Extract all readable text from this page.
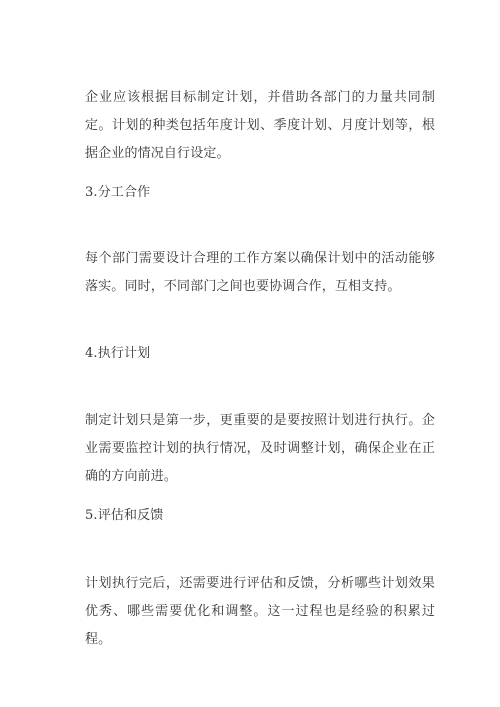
企业应该根据目标制定计划，并借助各部门的力量共同制定。计划的种类包括年度计划、季度计划、月度计划等，根据企业的情况自行设定。
3.分工合作
每个部门需要设计合理的工作方案以确保计划中的活动能够落实。同时，不同部门之间也要协调合作，互相支持。
4.执行计划
制定计划只是第一步，更重要的是要按照计划进行执行。企业需要监控计划的执行情况，及时调整计划，确保企业在正确的方向前进。
5.评估和反馈
计划执行完后，还需要进行评估和反馈，分析哪些计划效果优秀、哪些需要优化和调整。这一过程也是经验的积累过程。
